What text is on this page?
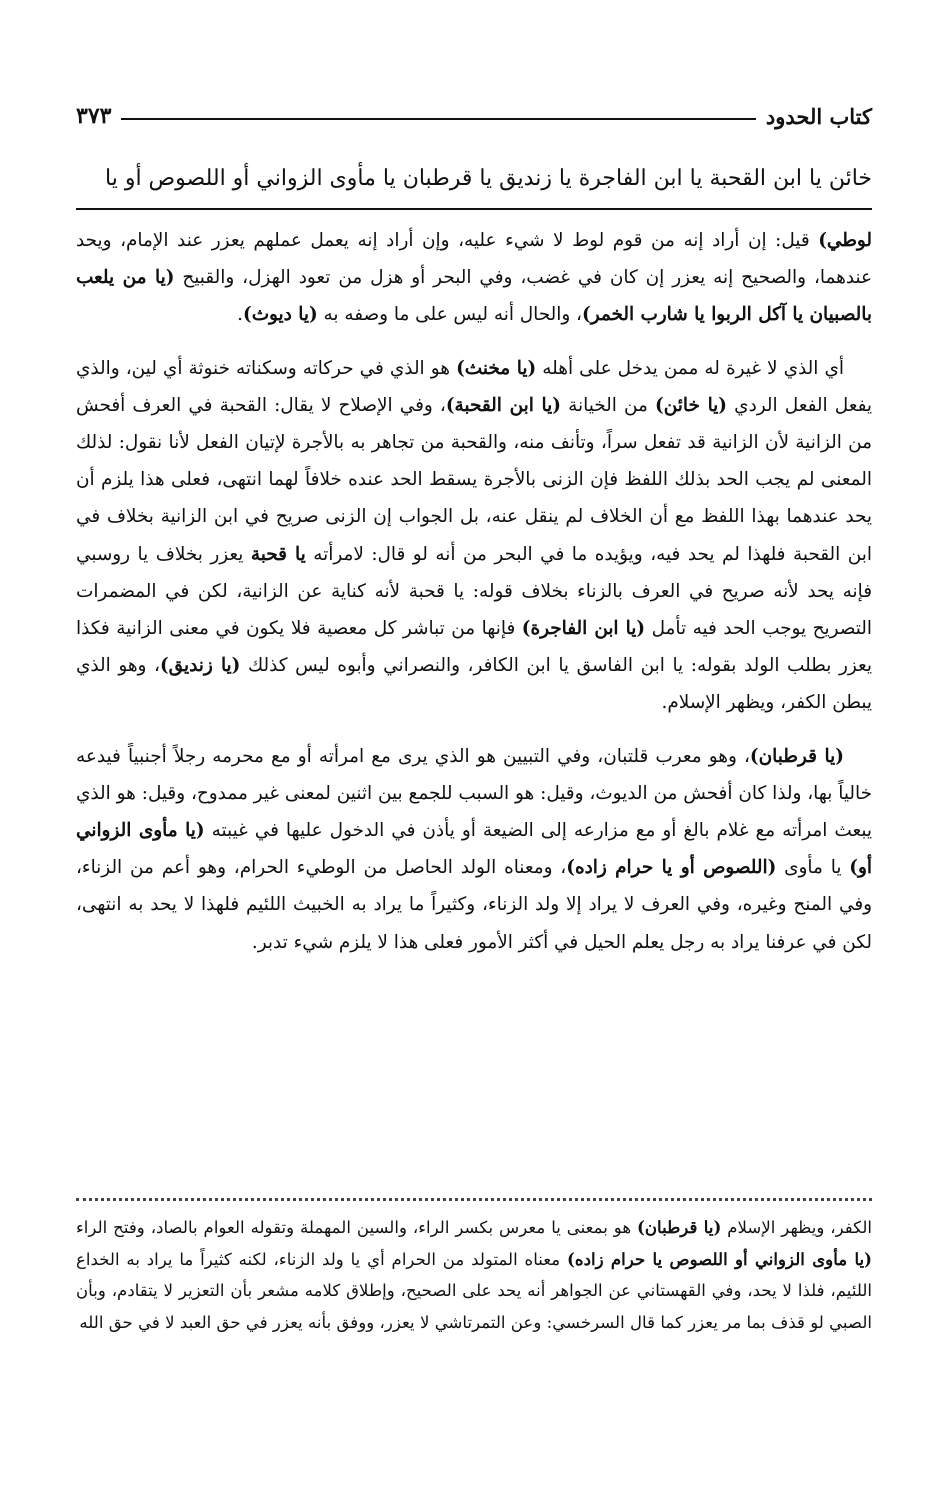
كتاب الحدود
٣٧٣
خائن يا ابن القحبة يا ابن الفاجرة يا زنديق يا قرطبان يا مأوى الزواني أو اللصوص أو يا

لوطي) قيل: إن أراد إنه من قوم لوط لا شيء عليه، وإن أراد إنه يعمل عملهم يعزر عند الإمام، ويحد عندهما، والصحيح إنه يعزر إن كان في غضب، وفي البحر أو هزل من تعود الهزل، والقبيح (يا من يلعب بالصبيان يا آكل الربوا يا شارب الخمر)، والحال أنه ليس على ما وصفه به (يا ديوث).

أي الذي لا غيرة له ممن يدخل على أهله (يا مخنث) هو الذي في حركاته وسكناته خنوثة أي لين، والذي يفعل الفعل الردي (يا خائن) من الخيانة (يا ابن القحبة)، وفي الإصلاح لا يقال: القحبة في العرف أفحش من الزانية لأن الزانية قد تفعل سراً، وتأنف منه، والقحبة من تجاهر به بالأجرة لإتيان الفعل لأنا نقول: لذلك المعنى لم يجب الحد بذلك اللفظ فإن الزنى بالأجرة يسقط الحد عنده خلافاً لهما انتهى، فعلى هذا يلزم أن يحد عندهما بهذا اللفظ مع أن الخلاف لم ينقل عنه، بل الجواب إن الزنى صريح في ابن الزانية بخلاف في ابن القحبة فلهذا لم يحد فيه، ويؤيده ما في البحر من أنه لو قال: لامرأته يا قحبة يعزر بخلاف يا روسبي فإنه يحد لأنه صريح في العرف بالزناء بخلاف قوله: يا قحبة لأنه كناية عن الزانية، لكن في المضمرات التصريح يوجب الحد فيه تأمل (يا ابن الفاجرة) فإنها من تباشر كل معصية فلا يكون في معنى الزانية فكذا يعزر بطلب الولد بقوله: يا ابن الفاسق يا ابن الكافر، والنصراني وأبوه ليس كذلك (يا زنديق)، وهو الذي يبطن الكفر، ويظهر الإسلام.

(يا قرطبان)، وهو معرب قلتبان، وفي التبيين هو الذي يرى مع امرأته أو مع محرمه رجلاً أجنبياً فيدعه خالياً بها، ولذا كان أفحش من الديوث، وقيل: هو السبب للجمع بين اثنين لمعنى غير ممدوح، وقيل: هو الذي يبعث امرأته مع غلام بالغ أو مع مزارعه إلى الضيعة أو يأذن في الدخول عليها في غيبته (يا مأوى الزواني أو) يا مأوى (اللصوص أو يا حرام زاده)، ومعناه الولد الحاصل من الوطيء الحرام، وهو أعم من الزناء، وفي المنح وغيره، وفي العرف لا يراد إلا ولد الزناء، وكثيراً ما يراد به الخبيث اللئيم فلهذا لا يحد به انتهى، لكن في عرفنا يراد به رجل يعلم الحيل في أكثر الأمور فعلى هذا لا يلزم شيء تدبر.

الكفر، ويظهر الإسلام (يا قرطبان) هو بمعنى يا معرس بكسر الراء، والسين المهملة وتقوله العوام بالصاد، وفتح الراء (يا مأوى الزواني أو اللصوص يا حرام زاده) معناه المتولد من الحرام أي يا ولد الزناء، لكنه كثيراً ما يراد به الخداع اللئيم، فلذا لا يحد، وفي القهستاني عن الجواهر أنه يحد على الصحيح، وإطلاق كلامه مشعر بأن التعزير لا يتقادم، وبأن الصبي لو قذف بما مر يعزر كما قال السرخسي: وعن التمرتاشي لا يعزر، ووفق بأنه يعزر في حق العبد لا في حق الله
